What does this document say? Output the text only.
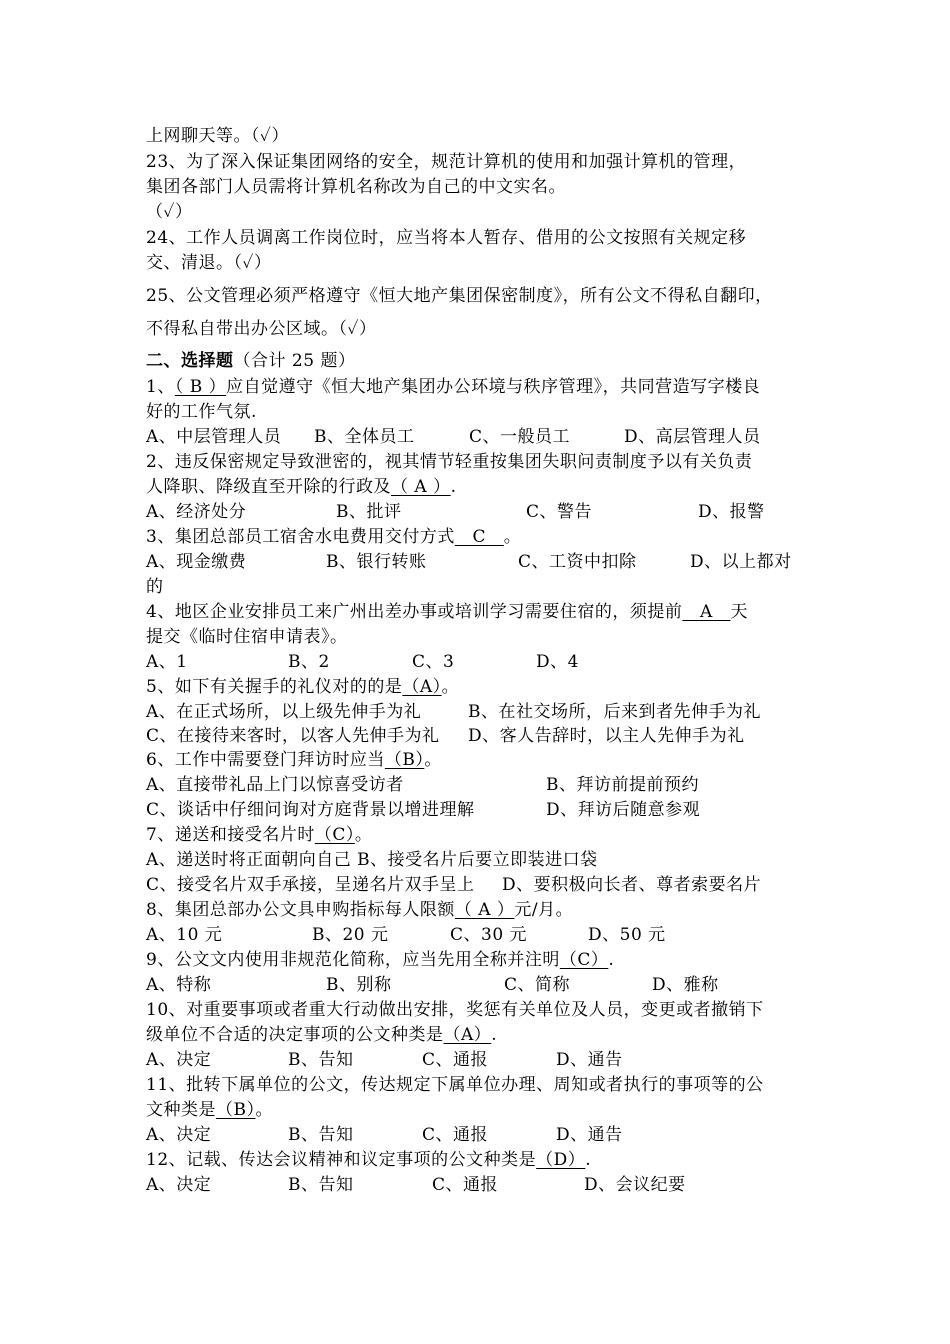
上网聊天等。（✓）
23、为了深入保证集团网络的安全，规范计算机的使用和加强计算机的管理，
集团各部门人员需将计算机名称改为自己的中文实名。
（✓）
24、工作人员调离工作岗位时，应当将本人暂存、借用的公文按照有关规定移
交、清退。（✓）
25、公文管理必须严格遵守《恒大地产集团保密制度》，所有公文不得私自翻印，
不得私自带出办公区域。（✓）
二、选择题（合计 25 题）
1、（ B ）应自觉遵守《恒大地产集团办公环境与秩序管理》，共同营造写字楼良
好的工作气氛.
A、中层管理人员	B、全体员工	C、一般员工	D、高层管理人员
2、违反保密规定导致泄密的，视其情节轻重按集团失职问责制度予以有关负责
人降职、降级直至开除的行政及（ A ）.
A、经济处分	B、批评	C、警告	D、报警
3、集团总部员工宿舍水电费用交付方式   C   。
A、现金缴费	B、银行转账	C、工资中扣除	D、以上都对
的
4、地区企业安排员工来广州出差办事或培训学习需要住宿的，须提前   A   天
提交《临时住宿申请表》。
A、1	B、2	C、3	D、4
5、如下有关握手的礼仪对的的是（A）。
A、在正式场所，以上级先伸手为礼	B、在社交场所，后来到者先伸手为礼
C、在接待来客时，以客人先伸手为礼	D、客人告辞时，以主人先伸手为礼
6、工作中需要登门拜访时应当（B）。
A、直接带礼品上门以惊喜受访者	B、拜访前提前预约
C、谈话中仔细问询对方庭背景以增进理解	D、拜访后随意参观
7、递送和接受名片时（C）。
A、递送时将正面朝向自己 B、接受名片后要立即装进口袋
C、接受名片双手承接，呈递名片双手呈上	D、要积极向长者、尊者索要名片
8、集团总部办公文具申购指标每人限额（ A ）元/月。
A、10 元	B、20 元	C、30 元	D、50 元
9、公文文内使用非规范化简称，应当先用全称并注明（C）.
A、特称	B、别称	C、简称	D、雅称
10、对重要事项或者重大行动做出安排，奖惩有关单位及人员，变更或者撤销下
级单位不合适的决定事项的公文种类是（A）.
A、决定	B、告知	C、通报	D、通告
11、批转下属单位的公文，传达规定下属单位办理、周知或者执行的事项等的公
文种类是（B）。
A、决定	B、告知	C、通报	D、通告
12、记载、传达会议精神和议定事项的公文种类是（D）.
A、决定	B、告知	C、通报	D、会议纪要
